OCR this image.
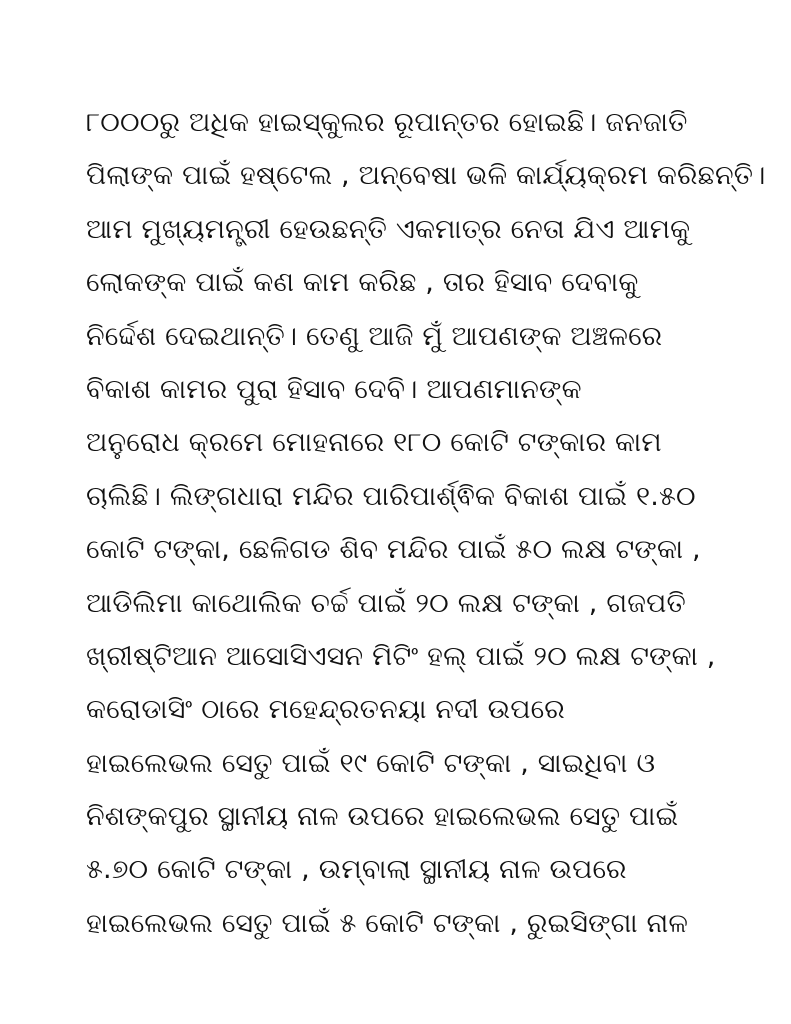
୮୦୦୦ରୁ ଅଧିକ ହାଇସ୍କୁଲର ରୂପାନ୍ତର ହୋଇଛି। ଜନଜାତି
ପିଲାଙ୍କ ପାଇଁ ହଷ୍ଟେଲ , ଅନ୍ବେଷା ଭଳି କାର୍ଯ୍ୟକ୍ରମ କରିଛନ୍ତି।
ଆମ ମୁଖ୍ୟମନ୍ତ୍ରୀ ହେଉଛନ୍ତି ଏକମାତ୍ର ନେତା ଯିଏ ଆମକୁ
ଲୋକଙ୍କ ପାଇଁ କଣ କାମ କରିଛ , ତାର ହିସାବ ଦେବାକୁ
ନିର୍ଦ୍ଦେଶ ଦେଇଥାନ୍ତି। ତେଣୁ ଆଜି ମୁଁ ଆପଣଙ୍କ ଅଞ୍ଚଳରେ
ବିକାଶ କାମର ପୁରା ହିସାବ ଦେବି। ଆପଣମାନଙ୍କ
ଅନୁରୋଧ କ୍ରମେ ମୋହନାରେ ୧୮୦ କୋଟି ଟଙ୍କାର କାମ
ଚାଲିଛି। ଲିଙ୍ଗଧାରା ମନ୍ଦିର ପାରିପାର୍ଶ୍ଵିକ ବିକାଶ ପାଇଁ ୧.୫୦
କୋଟି ଟଙ୍କା, ଛେଳିଗଡ ଶିବ ମନ୍ଦିର ପାଇଁ ୫୦ ଲକ୍ଷ ଟଙ୍କା ,
ଆଡିଲିମା କାଥୋଲିକ ଚର୍ଚ୍ଚ ପାଇଁ ୨୦ ଲକ୍ଷ ଟଙ୍କା , ଗଜପତି
ଖ୍ରୀଷ୍ଟିଆନ ଆସୋସିଏସନ ମିଟିଂ ହଲ୍ ପାଇଁ ୨୦ ଲକ୍ଷ ଟଙ୍କା ,
କରୋଡାସିଂ ଠାରେ ମହେନ୍ଦ୍ରତନୟା ନଦୀ ଉପରେ
ହାଇଲେଭଲ ସେତୁ ପାଇଁ ୧୯ କୋଟି ଟଙ୍କା , ସାଇଧିବା ଓ
ନିଶଙ୍କପୁର ସ୍ଥାନୀୟ ନାଳ ଉପରେ ହାଇଲେଭଲ ସେତୁ ପାଇଁ
୫.୭୦ କୋଟି ଟଙ୍କା , ଉମ୍ବାଲା ସ୍ଥାନୀୟ ନାଳ ଉପରେ
ହାଇଲେଭଲ ସେତୁ ପାଇଁ ୫ କୋଟି ଟଙ୍କା , ରୁଇସିଙ୍ଗା ନାଳ
